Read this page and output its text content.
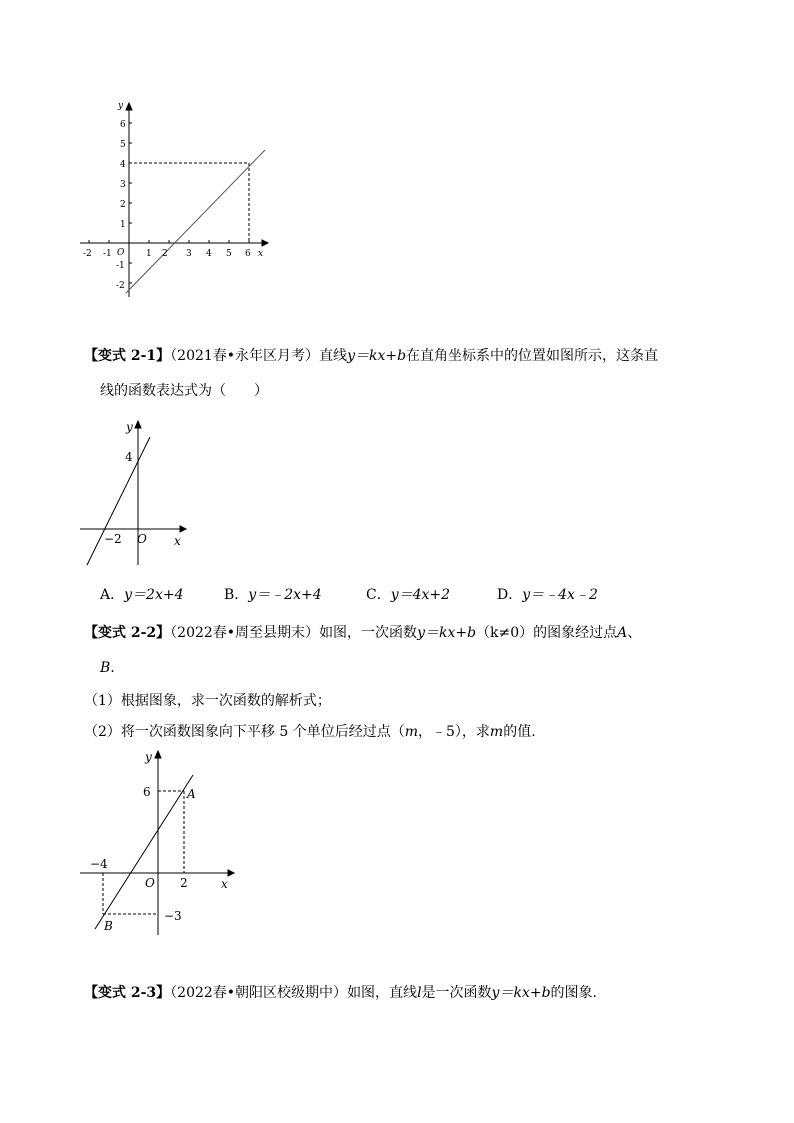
y
x
O
-2 -1	1 2 3 4 5 6
6
5
4
3
2
1
-1
-2
【变式 2-1】（2021春•永年区月考）直线y＝kx+b在直角坐标系中的位置如图所示，这条直
线的函数表达式为（　　）
y
x
O
−2
4
A．y＝2x+4	B．y＝﹣2x+4	C．y＝4x+2	D．y＝﹣4x﹣2
【变式 2-2】（2022春•周至县期末）如图，一次函数y＝kx+b（k≠0）的图象经过点A、
B.
（1）根据图象，求一次函数的解析式；
（2）将一次函数图象向下平移 5 个单位后经过点（m，﹣5），求m的值.
y
x
O
A
B
−4
2
6
−3
【变式 2-3】（2022春•朝阳区校级期中）如图，直线l是一次函数y＝kx+b的图象.
